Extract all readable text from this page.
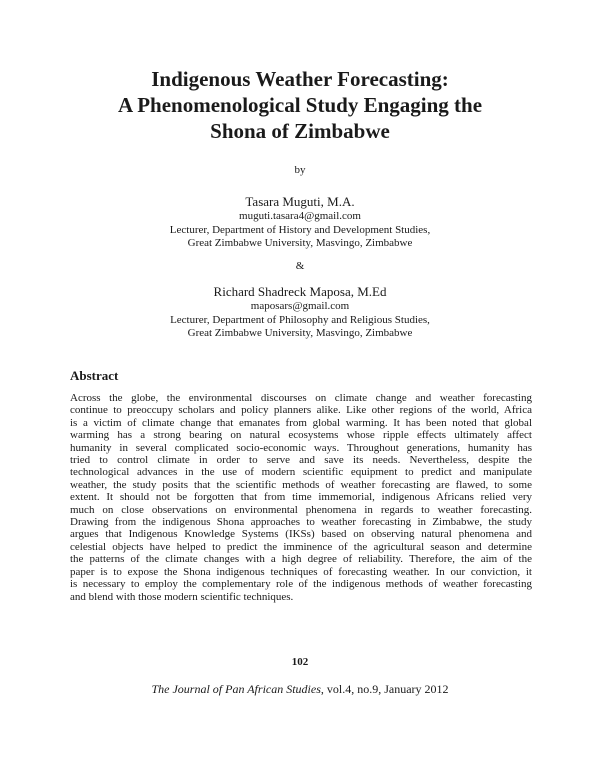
Indigenous Weather Forecasting:
A Phenomenological Study Engaging the
Shona of Zimbabwe
by
Tasara Muguti, M.A.
muguti.tasara4@gmail.com
Lecturer, Department of History and Development Studies,
Great Zimbabwe University, Masvingo, Zimbabwe
&
Richard Shadreck Maposa, M.Ed
maposars@gmail.com
Lecturer, Department of Philosophy and Religious Studies,
Great Zimbabwe University, Masvingo, Zimbabwe
Abstract
Across the globe, the environmental discourses on climate change and weather forecasting
continue to preoccupy scholars and policy planners alike. Like other regions of the world, Africa
is a victim of climate change that emanates from global warming. It has been noted that global
warming has a strong bearing on natural ecosystems whose ripple effects ultimately affect
humanity in several complicated socio-economic ways. Throughout generations, humanity has
tried to control climate in order to serve and save its needs. Nevertheless, despite the
technological advances in the use of modern scientific equipment to predict and manipulate
weather, the study posits that the scientific methods of weather forecasting are flawed, to some
extent. It should not be forgotten that from time immemorial, indigenous Africans relied very
much on close observations on environmental phenomena in regards to weather forecasting.
Drawing from the indigenous Shona approaches to weather forecasting in Zimbabwe, the study
argues that Indigenous Knowledge Systems (IKSs) based on observing natural phenomena and
celestial objects have helped to predict the imminence of the agricultural season and determine
the patterns of the climate changes with a high degree of reliability. Therefore, the aim of the
paper is to expose the Shona indigenous techniques of forecasting weather. In our conviction, it
is necessary to employ the complementary role of the indigenous methods of weather forecasting
and blend with those modern scientific techniques.
102
The Journal of Pan African Studies, vol.4, no.9, January 2012
